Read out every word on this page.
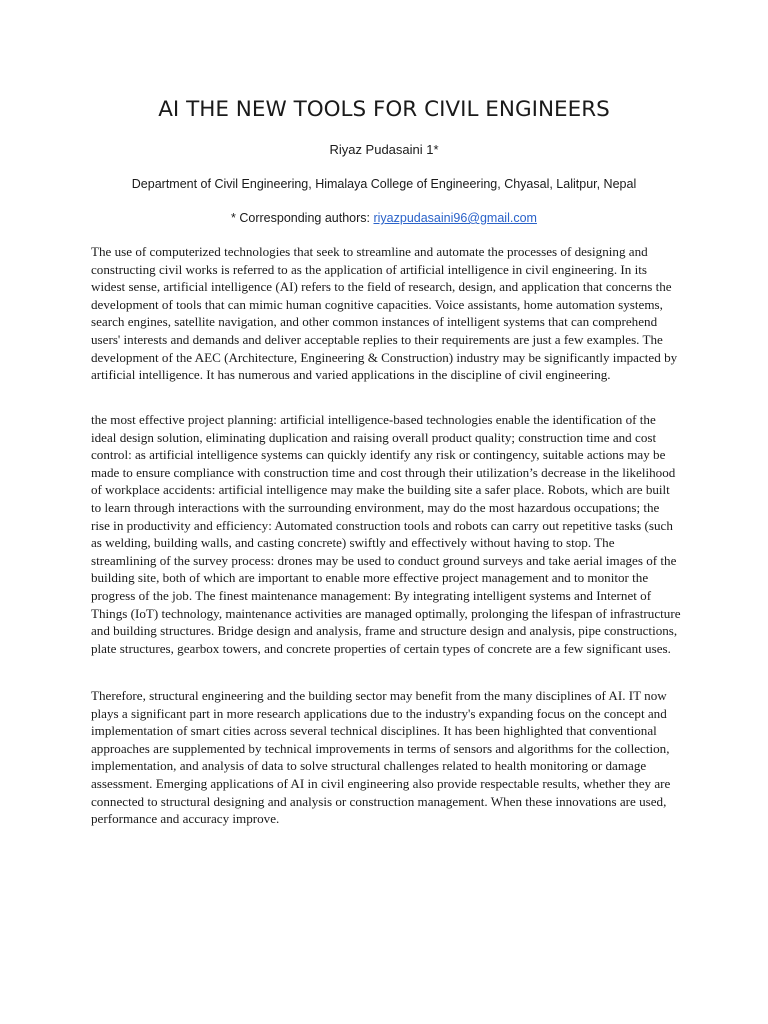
AI THE NEW TOOLS FOR CIVIL ENGINEERS
Riyaz Pudasaini 1*
Department of Civil Engineering, Himalaya College of Engineering, Chyasal, Lalitpur, Nepal
* Corresponding authors: riyazpudasaini96@gmail.com

The use of computerized technologies that seek to streamline and automate the processes of designing and constructing civil works is referred to as the application of artificial intelligence in civil engineering. In its widest sense, artificial intelligence (AI) refers to the field of research, design, and application that concerns the development of tools that can mimic human cognitive capacities. Voice assistants, home automation systems, search engines, satellite navigation, and other common instances of intelligent systems that can comprehend users' interests and demands and deliver acceptable replies to their requirements are just a few examples. The development of the AEC (Architecture, Engineering & Construction) industry may be significantly impacted by artificial intelligence. It has numerous and varied applications in the discipline of civil engineering.

the most effective project planning: artificial intelligence-based technologies enable the identification of the ideal design solution, eliminating duplication and raising overall product quality; construction time and cost control: as artificial intelligence systems can quickly identify any risk or contingency, suitable actions may be made to ensure compliance with construction time and cost through their utilization’s decrease in the likelihood of workplace accidents: artificial intelligence may make the building site a safer place. Robots, which are built to learn through interactions with the surrounding environment, may do the most hazardous occupations; the rise in productivity and efficiency: Automated construction tools and robots can carry out repetitive tasks (such as welding, building walls, and casting concrete) swiftly and effectively without having to stop. The streamlining of the survey process: drones may be used to conduct ground surveys and take aerial images of the building site, both of which are important to enable more effective project management and to monitor the progress of the job. The finest maintenance management: By integrating intelligent systems and Internet of Things (IoT) technology, maintenance activities are managed optimally, prolonging the lifespan of infrastructure and building structures. Bridge design and analysis, frame and structure design and analysis, pipe constructions, plate structures, gearbox towers, and concrete properties of certain types of concrete are a few significant uses.

Therefore, structural engineering and the building sector may benefit from the many disciplines of AI. IT now plays a significant part in more research applications due to the industry's expanding focus on the concept and implementation of smart cities across several technical disciplines. It has been highlighted that conventional approaches are supplemented by technical improvements in terms of sensors and algorithms for the collection, implementation, and analysis of data to solve structural challenges related to health monitoring or damage assessment. Emerging applications of AI in civil engineering also provide respectable results, whether they are connected to structural designing and analysis or construction management. When these innovations are used, performance and accuracy improve.
